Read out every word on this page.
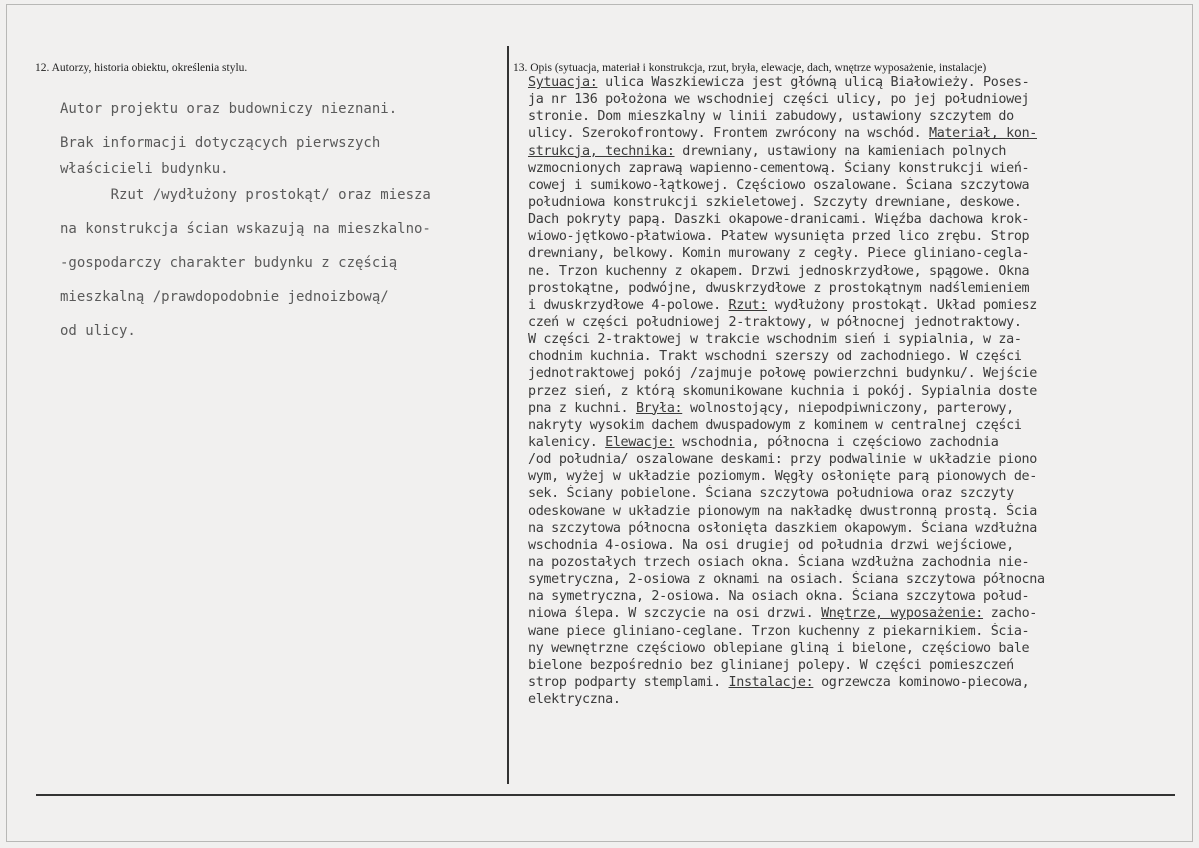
12. Autorzy, historia obiektu, określenia stylu.	13. Opis (sytuacja, materiał i konstrukcja, rzut, bryła, elewacje, dach, wnętrze wyposażenie, instalacje)

Autor projektu oraz budowniczy nieznani.

Brak informacji dotyczących pierwszych

właścicieli budynku.

Rzut /wydłużony prostokąt/ oraz miesza

na konstrukcja ścian wskazują na mieszkalno-

-gospodarczy charakter budynku z częścią

mieszkalną /prawdopodobnie jednoizbową/

od ulicy.

Sytuacja: ulica Waszkiewicza jest główną ulicą Białowieży. Poses-
ja nr 136 położona we wschodniej części ulicy, po jej południowej
stronie. Dom mieszkalny w linii zabudowy, ustawiony szczytem do
ulicy. Szerokofrontowy. Frontem zwrócony na wschód. Materiał, kon-
strukcja, technika: drewniany, ustawiony na kamieniach polnych
wzmocnionych zaprawą wapienno-cementową. Ściany konstrukcji wień-
cowej i sumikowo-łątkowej. Częściowo oszalowane. Ściana szczytowa
południowa konstrukcji szkieletowej. Szczyty drewniane, deskowe.
Dach pokryty papą. Daszki okapowe-dranicami. Więźba dachowa krok-
wiowo-jętkowo-płatwiowa. Płatew wysunięta przed lico zrębu. Strop
drewniany, belkowy. Komin murowany z cegły. Piece gliniano-cegla-
ne. Trzon kuchenny z okapem. Drzwi jednoskrzydłowe, spągowe. Okna
prostokątne, podwójne, dwuskrzydłowe z prostokątnym nadślemieniem
i dwuskrzydłowe 4-polowe. Rzut: wydłużony prostokąt. Układ pomiesz
czeń w części południowej 2-traktowy, w północnej jednotraktowy.
W części 2-traktowej w trakcie wschodnim sień i sypialnia, w za-
chodnim kuchnia. Trakt wschodni szerszy od zachodniego. W części
jednotraktowej pokój /zajmuje połowę powierzchni budynku/. Wejście
przez sień, z którą skomunikowane kuchnia i pokój. Sypialnia doste
pna z kuchni. Bryła: wolnostojący, niepodpiwniczony, parterowy,
nakryty wysokim dachem dwuspadowym z kominem w centralnej części
kalenicy. Elewacje: wschodnia, północna i częściowo zachodnia
/od południa/ oszalowane deskami: przy podwalinie w układzie piono
wym, wyżej w układzie poziomym. Węgły osłonięte parą pionowych de-
sek. Ściany pobielone. Ściana szczytowa południowa oraz szczyty
odeskowane w układzie pionowym na nakładkę dwustronną prostą. Ścia
na szczytowa północna osłonięta daszkiem okapowym. Ściana wzdłużna
wschodnia 4-osiowa. Na osi drugiej od południa drzwi wejściowe,
na pozostałych trzech osiach okna. Ściana wzdłużna zachodnia nie-
symetryczna, 2-osiowa z oknami na osiach. Ściana szczytowa północna
na symetryczna, 2-osiowa. Na osiach okna. Ściana szczytowa połud-
niowa ślepa. W szczycie na osi drzwi. Wnętrze, wyposażenie: zacho-
wane piece gliniano-ceglane. Trzon kuchenny z piekarnikiem. Ścia-
ny wewnętrzne częściowo oblepiane gliną i bielone, częściowo bale
bielone bezpośrednio bez glinianej polepy. W części pomieszczeń
strop podparty stemplami. Instalacje: ogrzewcza kominowo-piecowa,
elektryczna.
